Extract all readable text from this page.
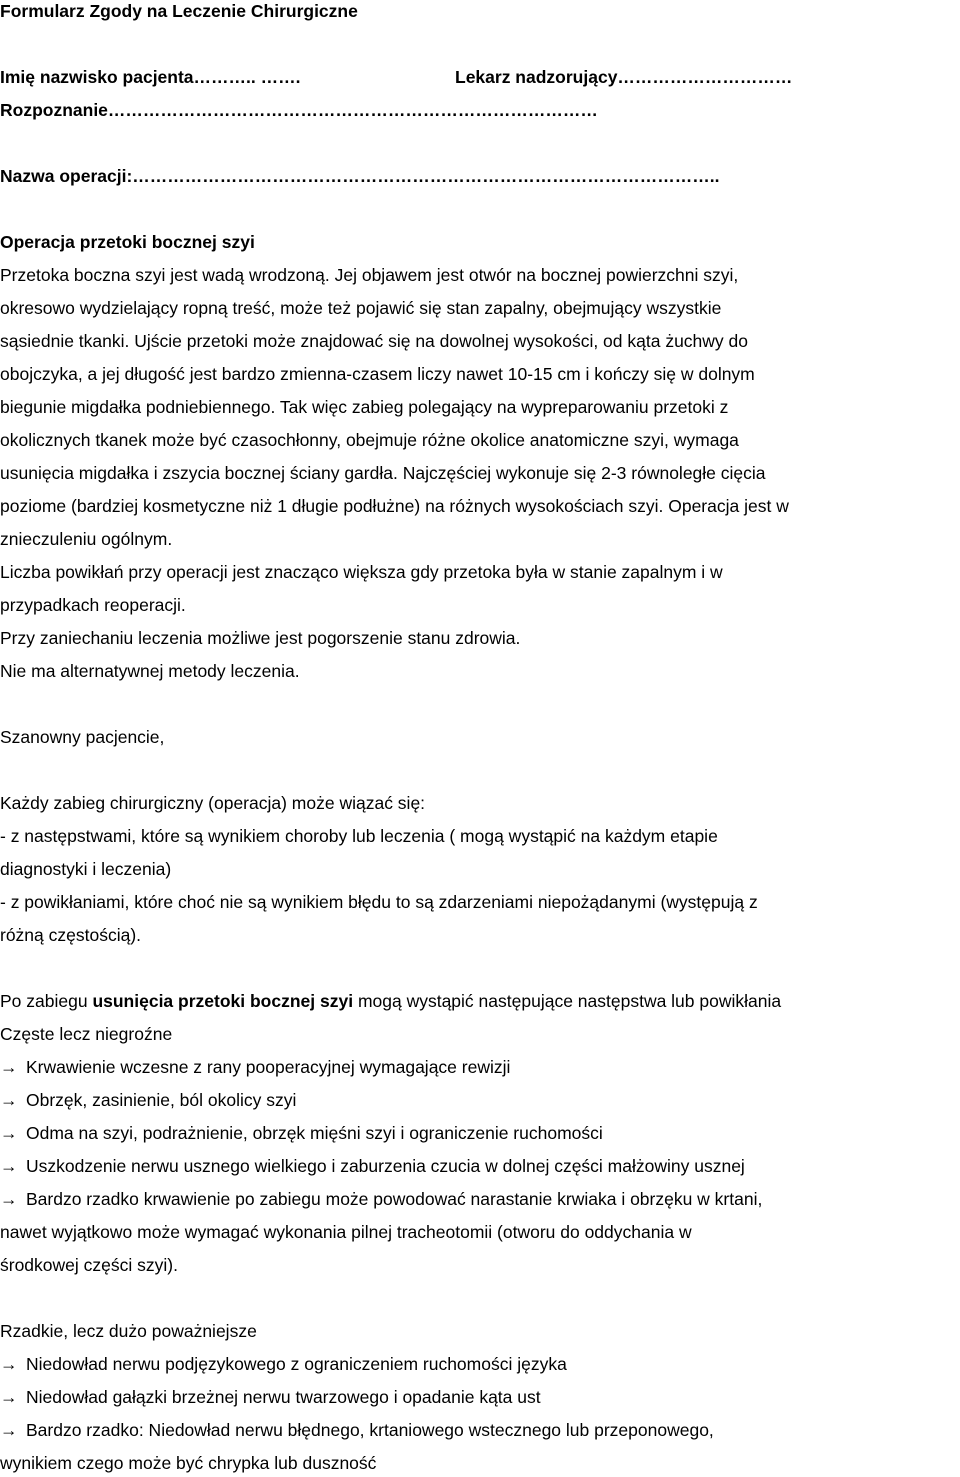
Formularz Zgody na Leczenie Chirurgiczne

Imię nazwisko pacjenta……….. …….	Lekarz nadzorujący…………………………

Rozpoznanie…………………………………………………………………………

Nazwa operacji:………………………………………………………………………………………..

Operacja przetoki bocznej szyi

Przetoka boczna szyi jest wadą wrodzoną. Jej objawem jest otwór na bocznej powierzchni szyi,

okresowo wydzielający ropną treść, może też pojawić się stan zapalny, obejmujący wszystkie

sąsiednie tkanki. Ujście przetoki może znajdować się na dowolnej wysokości, od kąta żuchwy do

obojczyka, a jej długość jest bardzo zmienna-czasem liczy nawet 10-15 cm i kończy się w dolnym

biegunie migdałka podniebiennego. Tak więc zabieg polegający na wypreparowaniu przetoki z

okolicznych tkanek może być czasochłonny, obejmuje różne okolice anatomiczne szyi, wymaga

usunięcia migdałka i zszycia bocznej ściany gardła. Najczęściej wykonuje się 2-3 równoległe cięcia

poziome (bardziej kosmetyczne niż 1 długie podłużne) na różnych wysokościach szyi. Operacja jest w

znieczuleniu ogólnym.

Liczba powikłań przy operacji jest znacząco większa gdy przetoka była w stanie zapalnym i w

przypadkach reoperacji.

Przy zaniechaniu leczenia możliwe jest pogorszenie stanu zdrowia.

Nie ma alternatywnej metody leczenia.

Szanowny pacjencie,

Każdy zabieg chirurgiczny (operacja) może wiązać się:

- z następstwami, które są wynikiem choroby lub leczenia ( mogą wystąpić na każdym etapie

diagnostyki i leczenia)

- z powikłaniami, które choć nie są wynikiem błędu to są zdarzeniami niepożądanymi (występują z

różną częstością).

Po zabiegu usunięcia przetoki bocznej szyi mogą wystąpić następujące następstwa lub powikłania

Częste lecz niegroźne

→ Krwawienie wczesne z rany pooperacyjnej wymagające rewizji

→ Obrzęk, zasinienie, ból okolicy szyi

→ Odma na szyi, podrażnienie, obrzęk mięśni szyi i ograniczenie ruchomości

→ Uszkodzenie nerwu usznego wielkiego i zaburzenia czucia w dolnej części małżowiny usznej

→ Bardzo rzadko krwawienie po zabiegu może powodować narastanie krwiaka i obrzęku w krtani,

nawet wyjątkowo może wymagać wykonania pilnej tracheotomii (otworu do oddychania w

środkowej części szyi).

Rzadkie, lecz dużo poważniejsze

→ Niedowład nerwu podjęzykowego z ograniczeniem ruchomości języka

→ Niedowład gałązki brzeżnej nerwu twarzowego i opadanie kąta ust

→ Bardzo rzadko: Niedowład nerwu błędnego, krtaniowego wstecznego lub przeponowego,

wynikiem czego może być chrypka lub duszność
